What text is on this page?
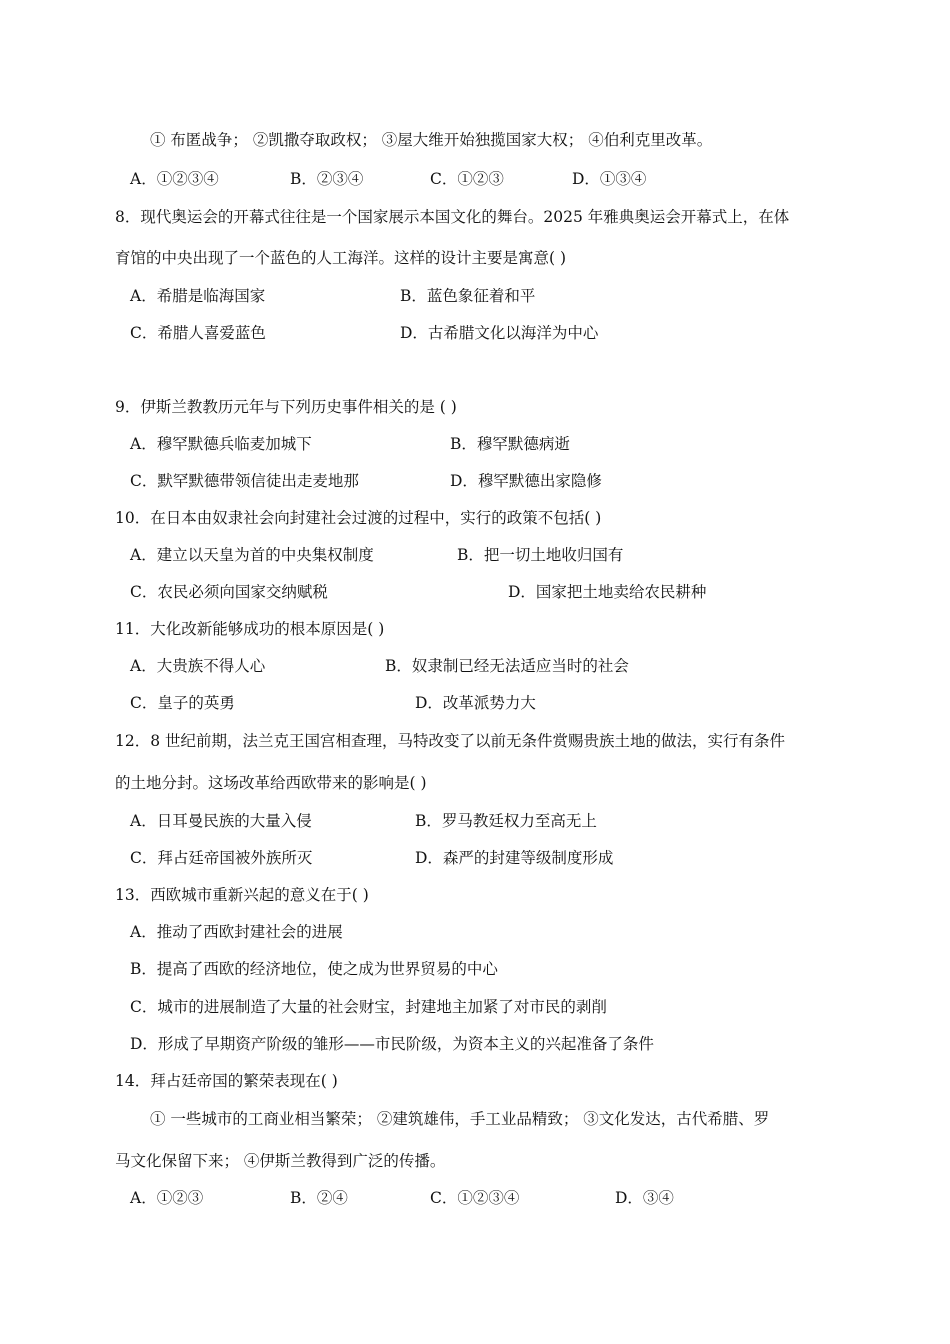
① 布匿战争； ②凯撒夺取政权； ③屋大维开始独揽国家大权； ④伯利克里改革。
A．①②③④	B．②③④	C．①②③	D．①③④
8．现代奥运会的开幕式往往是一个国家展示本国文化的舞台。2025 年雅典奥运会开幕式上，在体
育馆的中央出现了一个蓝色的人工海洋。这样的设计主要是寓意( )
A．希腊是临海国家	B．蓝色象征着和平
C．希腊人喜爱蓝色	D．古希腊文化以海洋为中心
9．伊斯兰教教历元年与下列历史事件相关的是 ( )
A．穆罕默德兵临麦加城下	B．穆罕默德病逝
C．默罕默德带领信徒出走麦地那	D．穆罕默德出家隐修
10．在日本由奴隶社会向封建社会过渡的过程中，实行的政策不包括( )
A．建立以天皇为首的中央集权制度	B．把一切土地收归国有
C．农民必须向国家交纳赋税	D．国家把土地卖给农民耕种
11．大化改新能够成功的根本原因是( )
A．大贵族不得人心	B．奴隶制已经无法适应当时的社会
C．皇子的英勇	D．改革派势力大
12．8 世纪前期，法兰克王国宫相查理，马特改变了以前无条件赏赐贵族土地的做法，实行有条件
的土地分封。这场改革给西欧带来的影响是( )
A．日耳曼民族的大量入侵	B．罗马教廷权力至高无上
C．拜占廷帝国被外族所灭	D．森严的封建等级制度形成
13．西欧城市重新兴起的意义在于( )
A．推动了西欧封建社会的进展
B．提高了西欧的经济地位，使之成为世界贸易的中心
C．城市的进展制造了大量的社会财宝，封建地主加紧了对市民的剥削
D．形成了早期资产阶级的雏形——市民阶级，为资本主义的兴起准备了条件
14．拜占廷帝国的繁荣表现在( )
① 一些城市的工商业相当繁荣； ②建筑雄伟，手工业品精致； ③文化发达，古代希腊、罗
马文化保留下来； ④伊斯兰教得到广泛的传播。
A．①②③	B．②④	C．①②③④	D．③④
